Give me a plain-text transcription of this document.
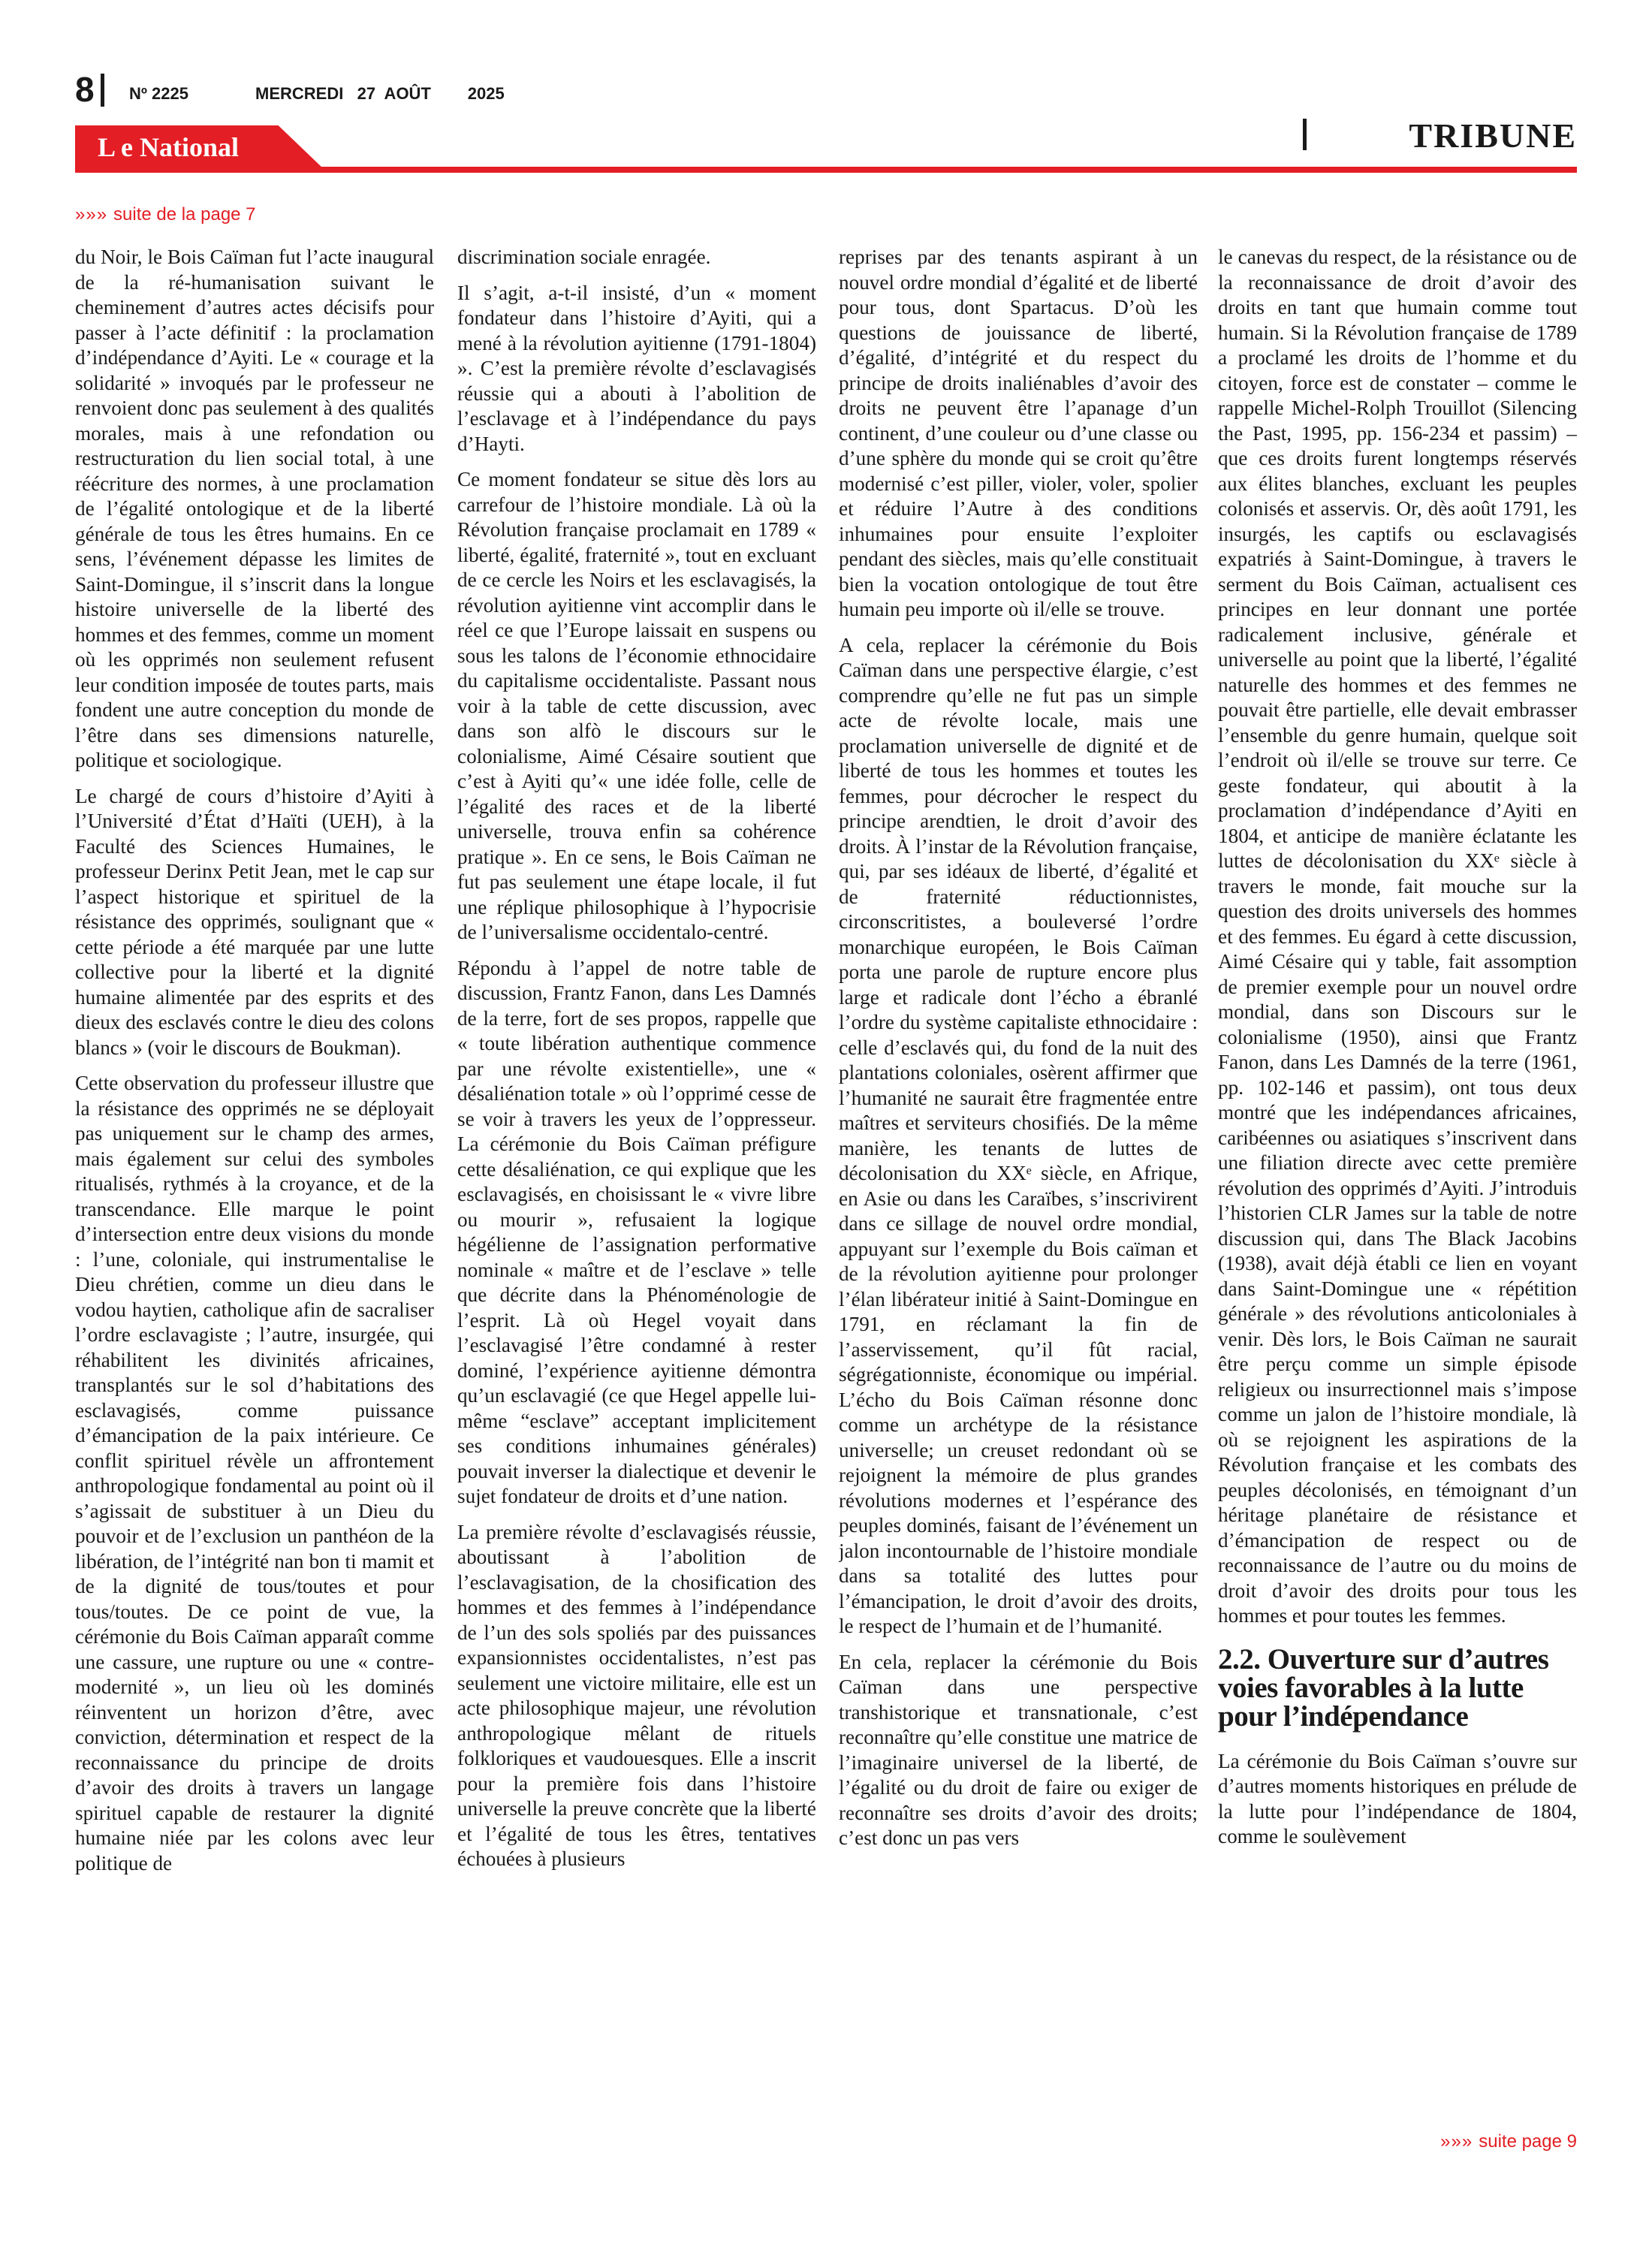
8 Nº 2225	MERCREDI   27  AOÛT        2025
L e National	TRIBUNE
»»» suite de la page 7
»»» suite page 9

du Noir, le Bois Caïman fut l’acte inaugural de la ré-humanisation suivant le cheminement d’autres actes décisifs pour passer à l’acte définitif : la proclamation d’indépendance d’Ayiti. Le « courage et la solidarité » invoqués par le professeur ne renvoient donc pas seulement à des qualités morales, mais à une refondation ou restructuration du lien social total, à une réécriture des normes, à une proclamation de l’égalité ontologique et de la liberté générale de tous les êtres humains. En ce sens, l’événement dépasse les limites de Saint-Domingue, il s’inscrit dans la longue histoire universelle de la liberté des hommes et des femmes, comme un moment où les opprimés non seulement refusent leur condition imposée de toutes parts, mais fondent une autre conception du monde de l’être dans ses dimensions naturelle, politique et sociologique.

Le chargé de cours d’histoire d’Ayiti à l’Université d’État d’Haïti (UEH), à la Faculté des Sciences Humaines, le professeur Derinx Petit Jean, met le cap sur l’aspect historique et spirituel de la résistance des opprimés, soulignant que « cette période a été marquée par une lutte collective pour la liberté et la dignité humaine alimentée par des esprits et des dieux des esclavés contre le dieu des colons blancs » (voir le discours de Boukman).

Cette observation du professeur illustre que la résistance des opprimés ne se déployait pas uniquement sur le champ des armes, mais également sur celui des symboles ritualisés, rythmés à la croyance, et de la transcendance. Elle marque le point d’intersection entre deux visions du monde : l’une, coloniale, qui instrumentalise le Dieu chrétien, comme un dieu dans le vodou haytien, catholique afin de sacraliser l’ordre esclavagiste ; l’autre, insurgée, qui réhabilitent les divinités africaines, transplantés sur le sol d’habitations des esclavagisés, comme puissance d’émancipation de la paix intérieure. Ce conflit spirituel révèle un affrontement anthropologique fondamental au point où il s’agissait de substituer à un Dieu du pouvoir et de l’exclusion un panthéon de la libération, de l’intégrité nan bon ti mamit et de la dignité de tous/toutes et pour tous/toutes. De ce point de vue, la cérémonie du Bois Caïman apparaît comme une cassure, une rupture ou une « contre-modernité », un lieu où les dominés réinventent un horizon d’être, avec conviction, détermination et respect de la reconnaissance du principe de droits d’avoir des droits à travers un langage spirituel capable de restaurer la dignité humaine niée par les colons avec leur politique de

discrimination sociale enragée.

Il s’agit, a-t-il insisté, d’un « moment fondateur dans l’histoire d’Ayiti, qui a mené à la révolution ayitienne (1791-1804) ». C’est la première révolte d’esclavagisés réussie qui a abouti à l’abolition de l’esclavage et à l’indépendance du pays d’Hayti.

Ce moment fondateur se situe dès lors au carrefour de l’histoire mondiale. Là où la Révolution française proclamait en 1789 « liberté, égalité, fraternité », tout en excluant de ce cercle les Noirs et les esclavagisés, la révolution ayitienne vint accomplir dans le réel ce que l’Europe laissait en suspens ou sous les talons de l’économie ethnocidaire du capitalisme occidentaliste. Passant nous voir à la table de cette discussion, avec dans son alfò le discours sur le colonialisme, Aimé Césaire soutient que c’est à Ayiti qu’« une idée folle, celle de l’égalité des races et de la liberté universelle, trouva enfin sa cohérence pratique ». En ce sens, le Bois Caïman ne fut pas seulement une étape locale, il fut une réplique philosophique à l’hypocrisie de l’universalisme occidentalo-centré.

Répondu à l’appel de notre table de discussion, Frantz Fanon, dans Les Damnés de la terre, fort de ses propos, rappelle que « toute libération authentique commence par une révolte existentielle», une « désaliénation totale » où l’opprimé cesse de se voir à travers les yeux de l’oppresseur. La cérémonie du Bois Caïman préfigure cette désaliénation, ce qui explique que les esclavagisés, en choisissant le « vivre libre ou mourir », refusaient la logique hégélienne de l’assignation performative nominale « maître et de l’esclave » telle que décrite dans la Phénoménologie de l’esprit. Là où Hegel voyait dans l’esclavagisé l’être condamné à rester dominé, l’expérience ayitienne démontra qu’un esclavagié (ce que Hegel appelle lui-même “esclave” acceptant implicitement ses conditions inhumaines générales) pouvait inverser la dialectique et devenir le sujet fondateur de droits et d’une nation.

La première révolte d’esclavagisés réussie, aboutissant à l’abolition de l’esclavagisation, de la chosification des hommes et des femmes à l’indépendance de l’un des sols spoliés par des puissances expansionnistes occidentalistes, n’est pas seulement une victoire militaire, elle est un acte philosophique majeur, une révolution anthropologique mêlant de rituels folkloriques et vaudouesques. Elle a inscrit pour la première fois dans l’histoire universelle la preuve concrète que la liberté et l’égalité de tous les êtres, tentatives échouées à plusieurs

reprises par des tenants aspirant à un nouvel ordre mondial d’égalité et de liberté pour tous, dont Spartacus. D’où les questions de jouissance de liberté, d’égalité, d’intégrité et du respect du principe de droits inaliénables d’avoir des droits ne peuvent être l’apanage d’un continent, d’une couleur ou d’une classe ou d’une sphère du monde qui se croit qu’être modernisé c’est piller, violer, voler, spolier et réduire l’Autre à des conditions inhumaines pour ensuite l’exploiter pendant des siècles, mais qu’elle constituait bien la vocation ontologique de tout être humain peu importe où il/elle se trouve.

A cela, replacer la cérémonie du Bois Caïman dans une perspective élargie, c’est comprendre qu’elle ne fut pas un simple acte de révolte locale, mais une proclamation universelle de dignité et de liberté de tous les hommes et toutes les femmes, pour décrocher le respect du principe arendtien, le droit d’avoir des droits. À l’instar de la Révolution française, qui, par ses idéaux de liberté, d’égalité et de fraternité réductionnistes, circonscritistes, a bouleversé l’ordre monarchique européen, le Bois Caïman porta une parole de rupture encore plus large et radicale dont l’écho a ébranlé l’ordre du système capitaliste ethnocidaire : celle d’esclavés qui, du fond de la nuit des plantations coloniales, osèrent affirmer que l’humanité ne saurait être fragmentée entre maîtres et serviteurs chosifiés. De la même manière, les tenants de luttes de décolonisation du XXᵉ siècle, en Afrique, en Asie ou dans les Caraïbes, s’inscrivirent dans ce sillage de nouvel ordre mondial, appuyant sur l’exemple du Bois caïman et de la révolution ayitienne pour prolonger l’élan libérateur initié à Saint-Domingue en 1791, en réclamant la fin de l’asservissement, qu’il fût racial, ségrégationniste, économique ou impérial. L’écho du Bois Caïman résonne donc comme un archétype de la résistance universelle; un creuset redondant où se rejoignent la mémoire de plus grandes révolutions modernes et l’espérance des peuples dominés, faisant de l’événement un jalon incontournable de l’histoire mondiale dans sa totalité des luttes pour l’émancipation, le droit d’avoir des droits, le respect de l’humain et de l’humanité.

En cela, replacer la cérémonie du Bois Caïman dans une perspective transhistorique et transnationale, c’est reconnaître qu’elle constitue une matrice de l’imaginaire universel de la liberté, de l’égalité ou du droit de faire ou exiger de reconnaître ses droits d’avoir des droits; c’est donc un pas vers

le canevas du respect, de la résistance ou de la reconnaissance de droit d’avoir des droits en tant que humain comme tout humain. Si la Révolution française de 1789 a proclamé les droits de l’homme et du citoyen, force est de constater – comme le rappelle Michel-Rolph Trouillot (Silencing the Past, 1995, pp. 156-234 et passim) – que ces droits furent longtemps réservés aux élites blanches, excluant les peuples colonisés et asservis. Or, dès août 1791, les insurgés, les captifs ou esclavagisés expatriés à Saint-Domingue, à travers le serment du Bois Caïman, actualisent ces principes en leur donnant une portée radicalement inclusive, générale et universelle au point que la liberté, l’égalité naturelle des hommes et des femmes ne pouvait être partielle, elle devait embrasser l’ensemble du genre humain, quelque soit l’endroit où il/elle se trouve sur terre. Ce geste fondateur, qui aboutit à la proclamation d’indépendance d’Ayiti en 1804, et anticipe de manière éclatante les luttes de décolonisation du XXᵉ siècle à travers le monde, fait mouche sur la question des droits universels des hommes et des femmes. Eu égard à cette discussion, Aimé Césaire qui y table, fait assomption de premier exemple pour un nouvel ordre mondial, dans son Discours sur le colonialisme (1950), ainsi que Frantz Fanon, dans Les Damnés de la terre (1961, pp. 102-146 et passim), ont tous deux montré que les indépendances africaines, caribéennes ou asiatiques s’inscrivent dans une filiation directe avec cette première révolution des opprimés d’Ayiti. J’introduis l’historien CLR James sur la table de notre discussion qui, dans The Black Jacobins (1938), avait déjà établi ce lien en voyant dans Saint-Domingue une « répétition générale » des révolutions anticoloniales à venir. Dès lors, le Bois Caïman ne saurait être perçu comme un simple épisode religieux ou insurrectionnel mais s’impose comme un jalon de l’histoire mondiale, là où se rejoignent les aspirations de la Révolution française et les combats des peuples décolonisés, en témoignant d’un héritage planétaire de résistance et d’émancipation de respect ou de reconnaissance de l’autre ou du moins de droit d’avoir des droits pour tous les hommes et pour toutes les femmes.

2.2. Ouverture sur d’autres voies favorables à la lutte pour l’indépendance

La cérémonie du Bois Caïman s’ouvre sur d’autres moments historiques en prélude de la lutte pour l’indépendance de 1804, comme le soulèvement
